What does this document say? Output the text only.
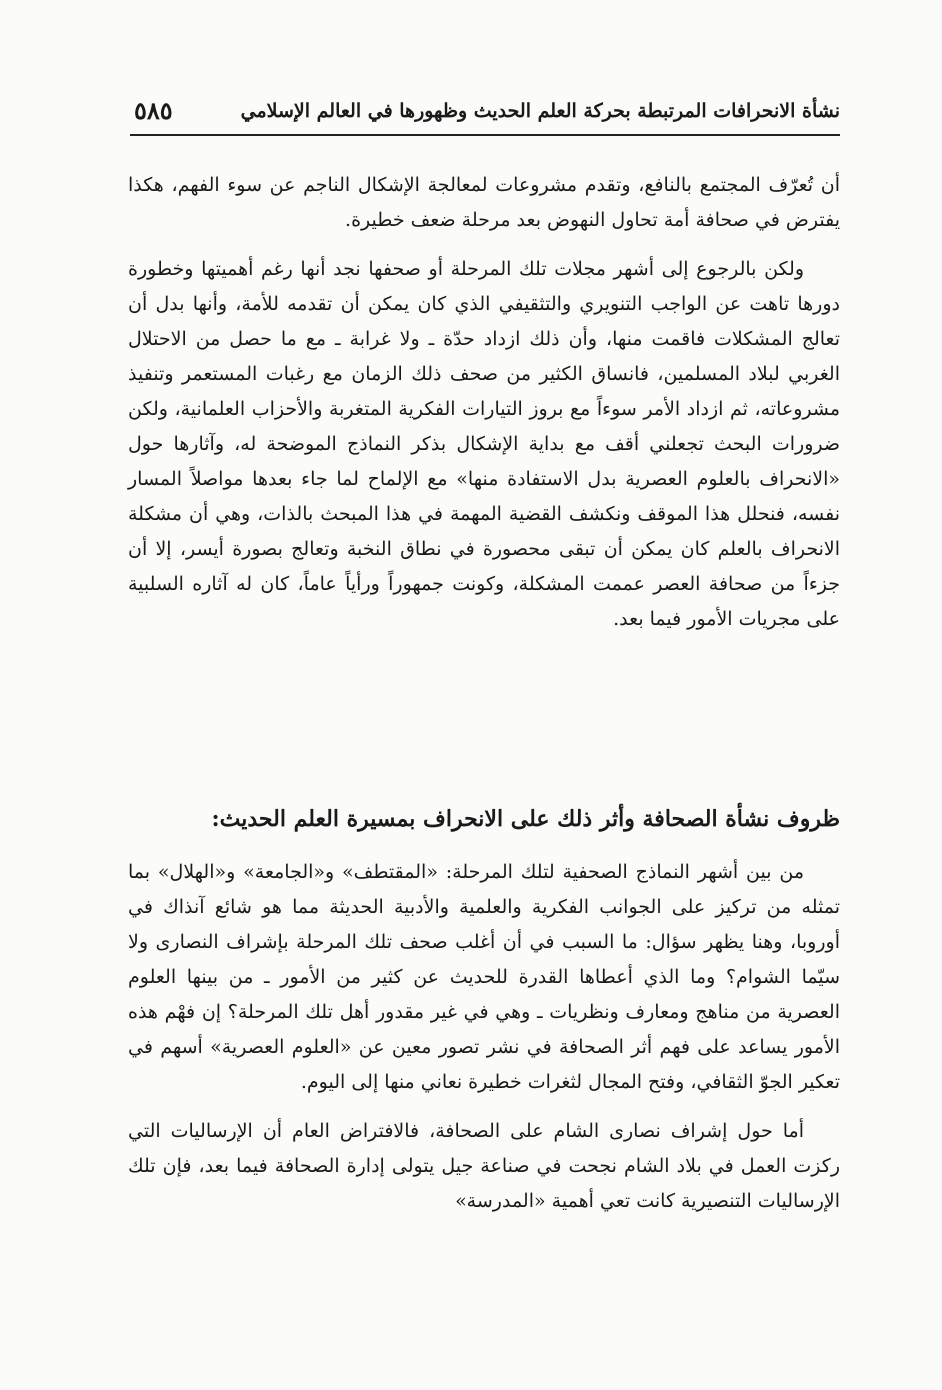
نشأة الانحرافات المرتبطة بحركة العلم الحديث وظهورها في العالم الإسلامي
٥٨٥

أن تُعرّف المجتمع بالنافع، وتقدم مشروعات لمعالجة الإشكال الناجم عن سوء الفهم، هكذا يفترض في صحافة أمة تحاول النهوض بعد مرحلة ضعف خطيرة.

ولكن بالرجوع إلى أشهر مجلات تلك المرحلة أو صحفها نجد أنها رغم أهميتها وخطورة دورها تاهت عن الواجب التنويري والتثقيفي الذي كان يمكن أن تقدمه للأمة، وأنها بدل أن تعالج المشكلات فاقمت منها، وأن ذلك ازداد حدّة ـ ولا غرابة ـ مع ما حصل من الاحتلال الغربي لبلاد المسلمين، فانساق الكثير من صحف ذلك الزمان مع رغبات المستعمر وتنفيذ مشروعاته، ثم ازداد الأمر سوءاً مع بروز التيارات الفكرية المتغربة والأحزاب العلمانية، ولكن ضرورات البحث تجعلني أقف مع بداية الإشكال بذكر النماذج الموضحة له، وآثارها حول «الانحراف بالعلوم العصرية بدل الاستفادة منها» مع الإلماح لما جاء بعدها مواصلاً المسار نفسه، فنحلل هذا الموقف ونكشف القضية المهمة في هذا المبحث بالذات، وهي أن مشكلة الانحراف بالعلم كان يمكن أن تبقى محصورة في نطاق النخبة وتعالج بصورة أيسر، إلا أن جزءاً من صحافة العصر عممت المشكلة، وكونت جمهوراً ورأياً عاماً، كان له آثاره السلبية على مجريات الأمور فيما بعد.

ظروف نشأة الصحافة وأثر ذلك على الانحراف بمسيرة العلم الحديث:

من بين أشهر النماذج الصحفية لتلك المرحلة: «المقتطف» و«الجامعة» و«الهلال» بما تمثله من تركيز على الجوانب الفكرية والعلمية والأدبية الحديثة مما هو شائع آنذاك في أوروبا، وهنا يظهر سؤال: ما السبب في أن أغلب صحف تلك المرحلة بإشراف النصارى ولا سيّما الشوام؟ وما الذي أعطاها القدرة للحديث عن كثير من الأمور ـ من بينها العلوم العصرية من مناهج ومعارف ونظريات ـ وهي في غير مقدور أهل تلك المرحلة؟ إن فهْم هذه الأمور يساعد على فهم أثر الصحافة في نشر تصور معين عن «العلوم العصرية» أسهم في تعكير الجوّ الثقافي، وفتح المجال لثغرات خطيرة نعاني منها إلى اليوم.

أما حول إشراف نصارى الشام على الصحافة، فالافتراض العام أن الإرساليات التي ركزت العمل في بلاد الشام نجحت في صناعة جيل يتولى إدارة الصحافة فيما بعد، فإن تلك الإرساليات التنصيرية كانت تعي أهمية «المدرسة»
